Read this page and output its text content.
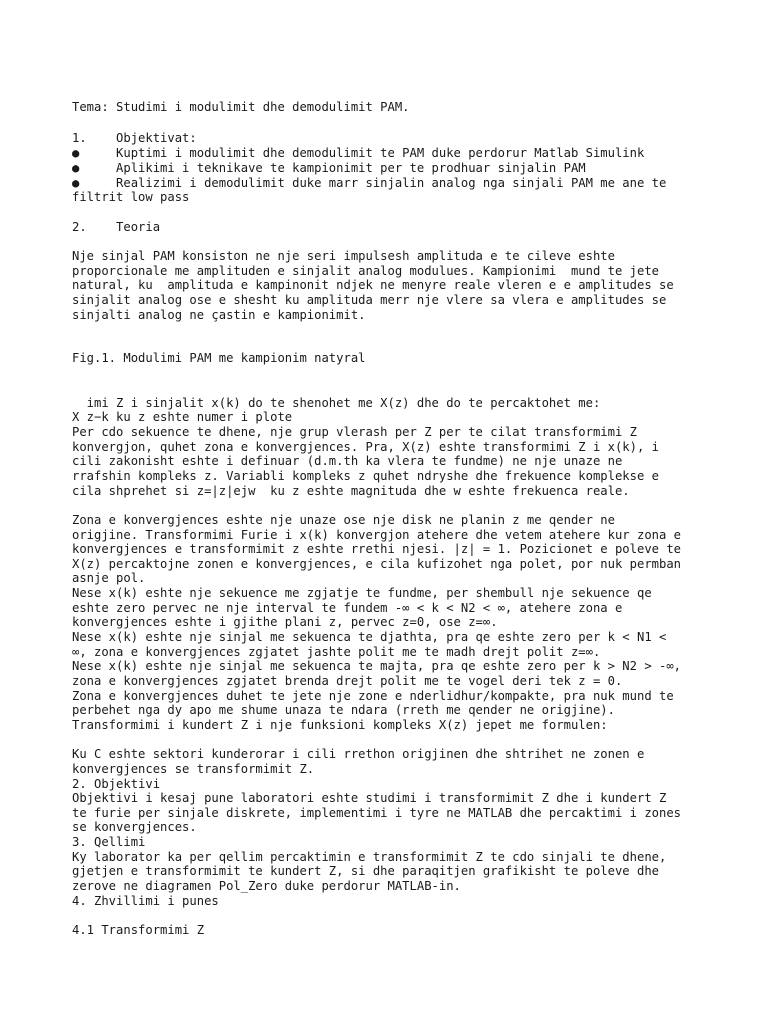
Tema: Studimi i modulimit dhe demodulimit PAM.

1.    Objektivat:

●     Kuptimi i modulimit dhe demodulimit te PAM duke perdorur Matlab Simulink

●     Aplikimi i teknikave te kampionimit per te prodhuar sinjalin PAM

●     Realizimi i demodulimit duke marr sinjalin analog nga sinjali PAM me ane te

filtrit low pass

2.    Teoria

Nje sinjal PAM konsiston ne nje seri impulsesh amplituda e te cileve eshte

proporcionale me amplituden e sinjalit analog modulues. Kampionimi  mund te jete

natural, ku  amplituda e kampinonit ndjek ne menyre reale vleren e e amplitudes se

sinjalit analog ose e shesht ku amplituda merr nje vlere sa vlera e amplitudes se

sinjalti analog ne çastin e kampionimit.

Fig.1. Modulimi PAM me kampionim natyral

imi Z i sinjalit x(k) do te shenohet me X(z) dhe do te percaktohet me:

X z−k ku z eshte numer i plote

Per cdo sekuence te dhene, nje grup vlerash per Z per te cilat transformimi Z

konvergjon, quhet zona e konvergjences. Pra, X(z) eshte transformimi Z i x(k), i

cili zakonisht eshte i definuar (d.m.th ka vlera te fundme) ne nje unaze ne

rrafshin kompleks z. Variabli kompleks z quhet ndryshe dhe frekuence komplekse e

cila shprehet si z=|z|ejw  ku z eshte magnituda dhe w eshte frekuenca reale.

Zona e konvergjences eshte nje unaze ose nje disk ne planin z me qender ne

origjine. Transformimi Furie i x(k) konvergjon atehere dhe vetem atehere kur zona e

konvergjences e transformimit z eshte rrethi njesi. |z| = 1. Pozicionet e poleve te

X(z) percaktojne zonen e konvergjences, e cila kufizohet nga polet, por nuk permban

asnje pol.

Nese x(k) eshte nje sekuence me zgjatje te fundme, per shembull nje sekuence qe

eshte zero pervec ne nje interval te fundem -∞ < k < N2 < ∞, atehere zona e

konvergjences eshte i gjithe plani z, pervec z=0, ose z=∞.

Nese x(k) eshte nje sinjal me sekuenca te djathta, pra qe eshte zero per k < N1 <

∞, zona e konvergjences zgjatet jashte polit me te madh drejt polit z=∞.

Nese x(k) eshte nje sinjal me sekuenca te majta, pra qe eshte zero per k > N2 > -∞,

zona e konvergjences zgjatet brenda drejt polit me te vogel deri tek z = 0.

Zona e konvergjences duhet te jete nje zone e nderlidhur/kompakte, pra nuk mund te

perbehet nga dy apo me shume unaza te ndara (rreth me qender ne origjine).

Transformimi i kundert Z i nje funksioni kompleks X(z) jepet me formulen:

Ku C eshte sektori kunderorar i cili rrethon origjinen dhe shtrihet ne zonen e

konvergjences se transformimit Z.

2. Objektivi

Objektivi i kesaj pune laboratori eshte studimi i transformimit Z dhe i kundert Z

te furie per sinjale diskrete, implementimi i tyre ne MATLAB dhe percaktimi i zones

se konvergjences.

3. Qellimi

Ky laborator ka per qellim percaktimin e transformimit Z te cdo sinjali te dhene,

gjetjen e transformimit te kundert Z, si dhe paraqitjen grafikisht te poleve dhe

zerove ne diagramen Pol_Zero duke perdorur MATLAB-in.

4. Zhvillimi i punes

4.1 Transformimi Z
